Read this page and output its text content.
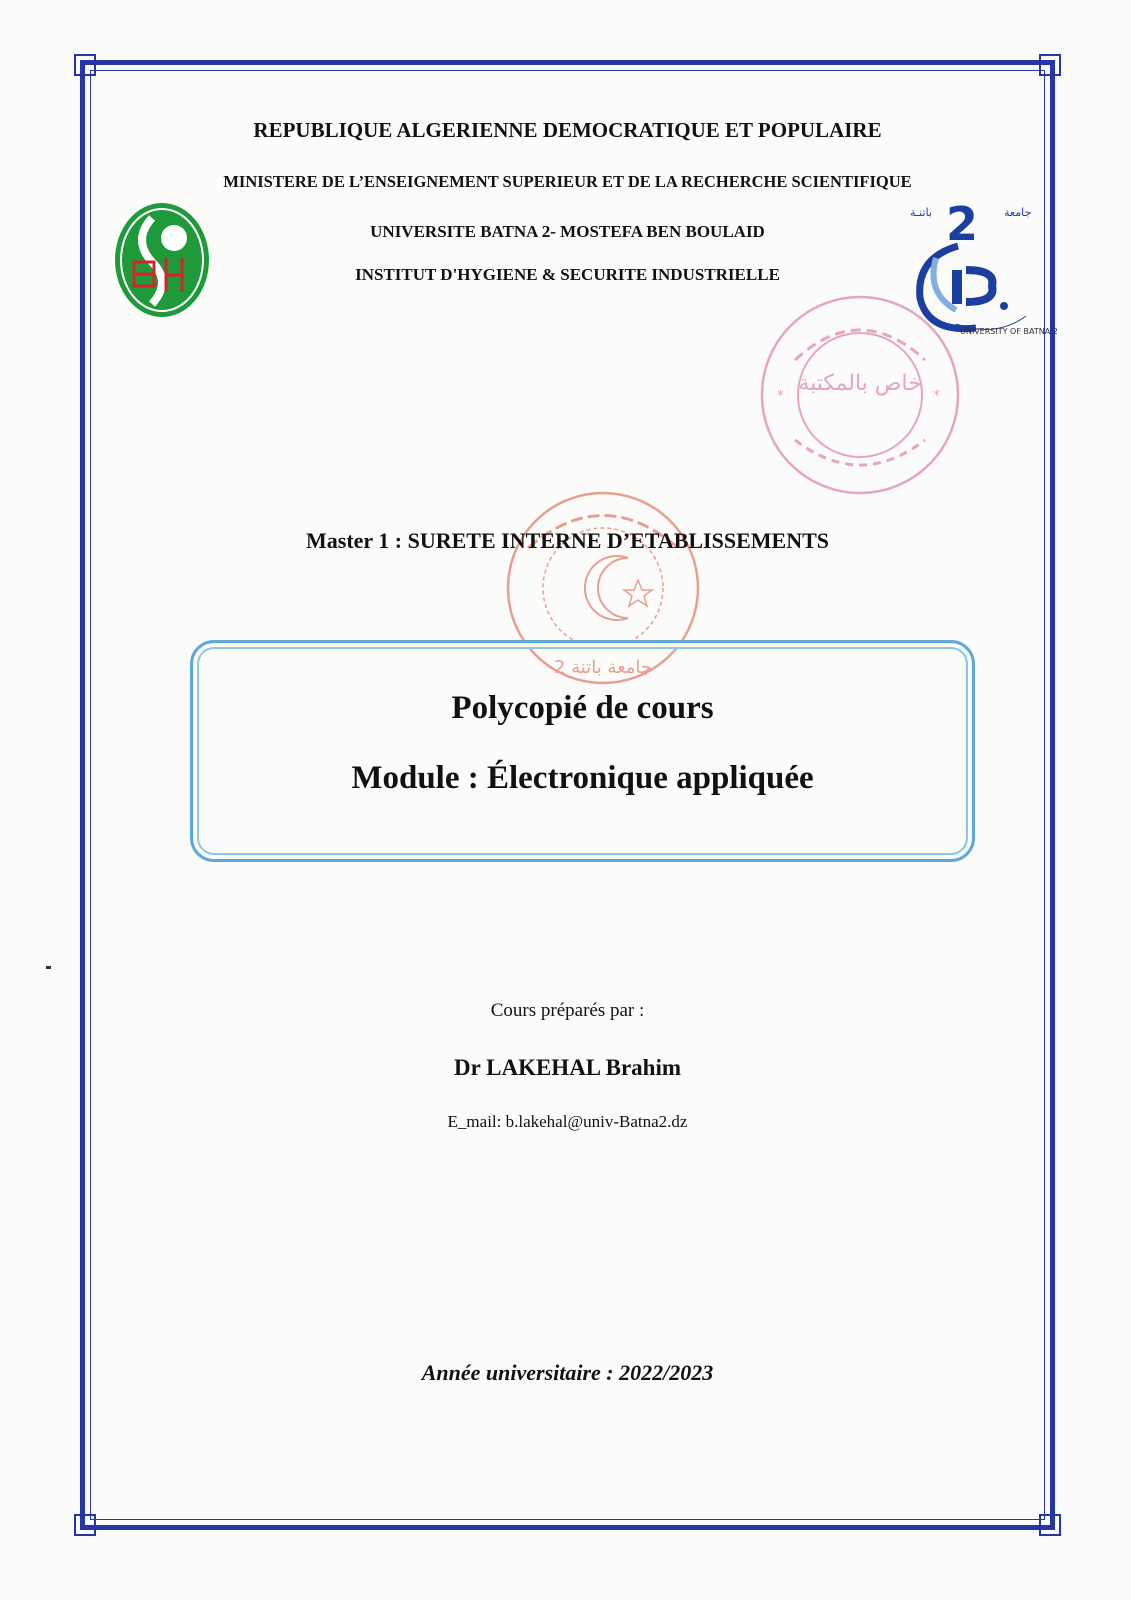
باتنـة	جامعة
2
UNIVERSITY OF BATNA 2
خاص بالمكتبة
*	*
جامعة باتنة 2
REPUBLIQUE ALGERIENNE DEMOCRATIQUE ET POPULAIRE
MINISTERE DE L’ENSEIGNEMENT SUPERIEUR ET DE LA RECHERCHE SCIENTIFIQUE
UNIVERSITE BATNA 2- MOSTEFA BEN BOULAID
INSTITUT D'HYGIENE & SECURITE INDUSTRIELLE
Master 1 : SURETE INTERNE D’ETABLISSEMENTS
Polycopié de cours
Module : Électronique appliquée
Cours préparés par :
Dr LAKEHAL Brahim
E_mail: b.lakehal@univ-Batna2.dz
Année universitaire : 2022/2023
